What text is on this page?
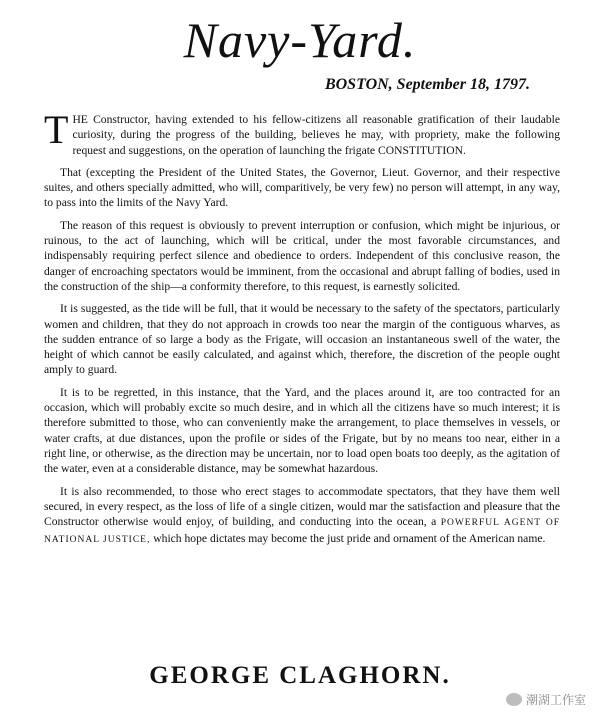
Navy-Yard.
BOSTON, September 18, 1797.

THE Constructor, having extended to his fellow-citizens all reasonable gratification of their laudable curiosity, during the progress of the building, believes he may, with propriety, make the following request and suggestions, on the operation of launching the frigate CONSTITUTION.

That (excepting the President of the United States, the Governor, Lieut. Governor, and their respective suites, and others specially admitted, who will, comparitively, be very few) no person will attempt, in any way, to pass into the limits of the Navy Yard.

The reason of this request is obviously to prevent interruption or confusion, which might be injurious, or ruinous, to the act of launching, which will be critical, under the most favorable circumstances, and indispensably requiring perfect silence and obedience to orders. Independent of this conclusive reason, the danger of encroaching spectators would be imminent, from the occasional and abrupt falling of bodies, used in the construction of the ship—a conformity therefore, to this request, is earnestly solicited.

It is suggested, as the tide will be full, that it would be necessary to the safety of the spectators, particularly women and children, that they do not approach in crowds too near the margin of the contiguous wharves, as the sudden entrance of so large a body as the Frigate, will occasion an instantaneous swell of the water, the height of which cannot be easily calculated, and against which, therefore, the discretion of the people ought amply to guard.

It is to be regretted, in this instance, that the Yard, and the places around it, are too contracted for an occasion, which will probably excite so much desire, and in which all the citizens have so much interest; it is therefore submitted to those, who can conveniently make the arrangement, to place themselves in vessels, or water crafts, at due distances, upon the profile or sides of the Frigate, but by no means too near, either in a right line, or otherwise, as the direction may be uncertain, nor to load open boats too deeply, as the agitation of the water, even at a considerable distance, may be somewhat hazardous.

It is also recommended, to those who erect stages to accommodate spectators, that they have them well secured, in every respect, as the loss of life of a single citizen, would mar the satisfaction and pleasure that the Constructor otherwise would enjoy, of building, and conducting into the ocean, a POWERFUL AGENT OF NATIONAL JUSTICE, which hope dictates may become the just pride and ornament of the American name.

GEORGE CLAGHORN.
潮湖工作室
